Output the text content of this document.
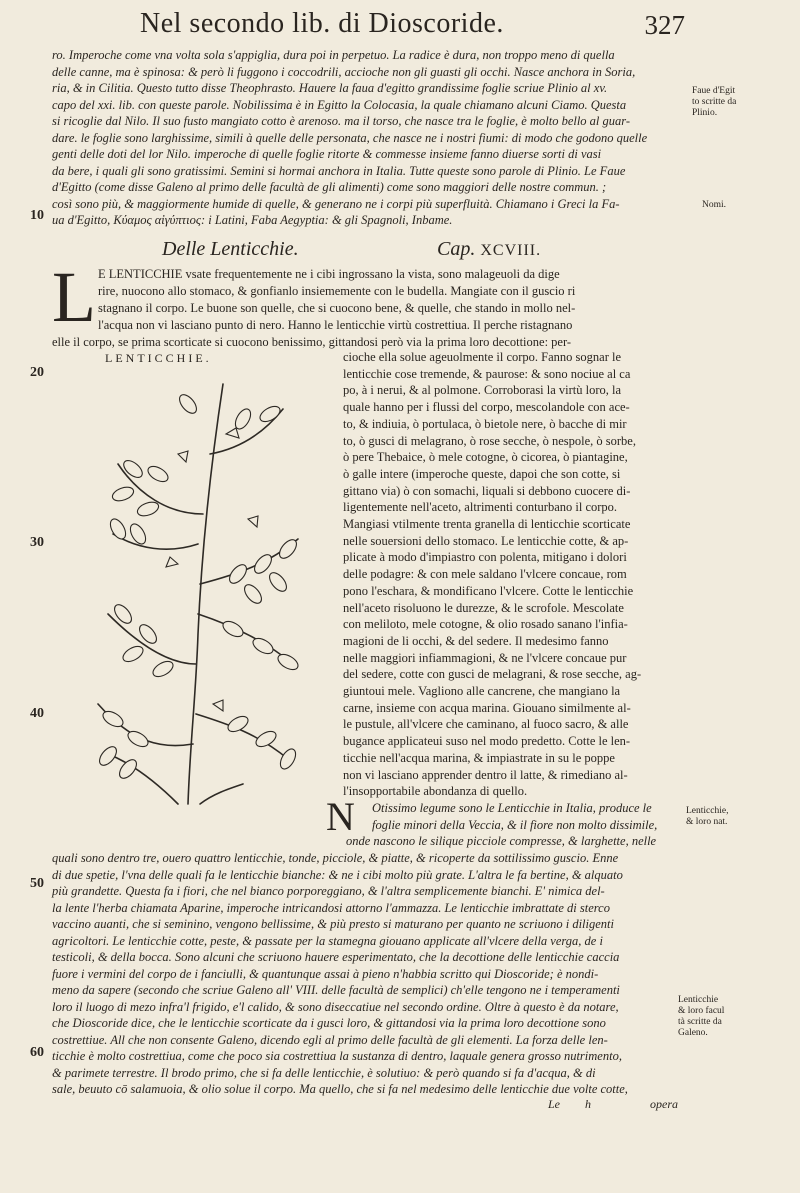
Nel secondo lib. di Dioscoride.	327
ro. Imperoche come vna volta sola s'appiglia, dura poi in perpetuo. La radice è dura, non troppo meno di quella
delle canne, ma è spinosa: & però li fuggono i coccodrili, accioche non gli guasti gli occhi. Nasce anchora in Soria,
ria, & in Cilitia. Questo tutto disse Theophrasto. Hauere la faua d'egitto grandissime foglie scriue Plinio al xv.
capo del xxi. lib. con queste parole. Nobilissima è in Egitto la Colocasia, la quale chiamano alcuni Ciamo. Questa
si ricoglie dal Nilo. Il suo fusto mangiato cotto è arenoso. ma il torso, che nasce tra le foglie, è molto bello al guar-
dare. le foglie sono larghissime, simili à quelle delle personata, che nasce ne i nostri fiumi: di modo che godono quelle
genti delle doti del lor Nilo. imperoche di quelle foglie ritorte & commesse insieme fanno diuerse sorti di vasi
da bere, i quali gli sono gratissimi. Semini si hormai anchora in Italia. Tutte queste sono parole di Plinio. Le Faue
d'Egitto (come disse Galeno al primo delle facultà de gli alimenti) come sono maggiori delle nostre commun. ;
così sono più, & maggiormente humide di quelle, & generano ne i corpi più superfluità. Chiamano i Greci la Fa-
ua d'Egitto, Κύαμος αἰγύπτιος: i Latini, Faba Aegyptia: & gli Spagnoli, Inbame.
Delle Lenticchie.	Cap. XCVIII.
L E LENTICCHIE vsate frequentemente ne i cibi ingrossano la vista, sono malageuoli da dige
rire, nuocono allo stomaco, & gonfianlo insiememente con le budella. Mangiate con il guscio ri
stagnano il corpo. Le buone son quelle, che si cuocono bene, & quelle, che stando in mollo nel-
l'acqua non vi lasciano punto di nero. Hanno le lenticchie virtù costrettiua. Il perche ristagnano
elle il corpo, se prima scorticate si cuocono benissimo, gittandosi però via la prima loro decottione: per-
LENTICCHIE.	cioche ella solue ageuolmente il corpo. Fanno sognar le
lenticchie cose tremende, & paurose: & sono nociue al ca
po, à i nerui, & al polmone. Corroborasi la virtù loro, la
quale hanno per i flussi del corpo, mescolandole con ace-
to, & indiuia, ò portulaca, ò bietole nere, ò bacche di mir
to, ò gusci di melagrano, ò rose secche, ò nespole, ò sorbe,
ò pere Thebaice, ò mele cotogne, ò cicorea, ò piantagine,
ò galle intere (imperoche queste, dapoi che son cotte, si
gittano via) ò con somachi, liquali si debbono cuocere di-
ligentemente nell'aceto, altrimenti conturbano il corpo.
Mangiasi vtilmente trenta granella di lenticchie scorticate
nelle souersioni dello stomaco. Le lenticchie cotte, & ap-
plicate à modo d'impiastro con polenta, mitigano i dolori
delle podagre: & con mele saldano l'vlcere concaue, rom
pono l'eschara, & mondificano l'vlcere. Cotte le lenticchie
nell'aceto risoluono le durezze, & le scrofole. Mescolate
con meliloto, mele cotogne, & olio rosado sanano l'infia-
magioni de li occhi, & del sedere. Il medesimo fanno
nelle maggiori infiammagioni, & ne l'vlcere concaue pur
del sedere, cotte con gusci de melagrani, & rose secche, ag-
giuntoui mele. Vagliono alle cancrene, che mangiano la
carne, insieme con acqua marina. Giouano similmente al-
le pustule, all'vlcere che caminano, al fuoco sacro, & alle
bugance applicateui suso nel modo predetto. Cotte le len-
ticchie nell'acqua marina, & impiastrate in su le poppe
non vi lasciano apprender dentro il latte, & rimediano al-
l'insopportabile abondanza di quello.
N Otissimo legume sono le Lenticchie in Italia, produce le
foglie minori della Veccia, & il fiore non molto dissimile,
onde nascono le silique picciole compresse, & larghette, nelle
quali sono dentro tre, ouero quattro lenticchie, tonde, picciole, & piatte, & ricoperte da sottilissimo guscio. Enne
di due spetie, l'vna delle quali fa le lenticchie bianche: & ne i cibi molto più grate. L'altra le fa bertine, & alquato
più grandette. Questa fa i fiori, che nel bianco porporeggiano, & l'altra semplicemente bianchi. E' nimica del-
la lente l'herba chiamata Aparine, imperoche intricandosi attorno l'ammazza. Le lenticchie imbrattate di sterco
vaccino auanti, che si seminino, vengono bellissime, & più presto si maturano per quanto ne scriuono i diligenti
agricoltori. Le lenticchie cotte, peste, & passate per la stamegna giouano applicate all'vlcere della verga, de i
testicoli, & della bocca. Sono alcuni che scriuono hauere esperimentato, che la decottione delle lenticchie caccia
fuore i vermini del corpo de i fanciulli, & quantunque assai à pieno n'habbia scritto qui Dioscoride; è nondi-
meno da sapere (secondo che scriue Galeno all' VIII. delle facultà de semplici) ch'elle tengono ne i temperamenti
loro il luogo di mezo infra'l frigido, e'l calido, & sono diseccatiue nel secondo ordine. Oltre à questo è da notare,
che Dioscoride dice, che le lenticchie scorticate da i gusci loro, & gittandosi via la prima loro decottione sono
costrettiue. All che non consente Galeno, dicendo egli al primo delle facultà de gli elementi. La forza delle len-
ticchie è molto costrettiua, come che poco sia costrettiua la sustanza di dentro, laquale genera grosso nutrimento,
& parimete terrestre. Il brodo primo, che si fa delle lenticchie, è solutiuo: & però quando si fa d'acqua, & di
sale, beuuto cō salamuoia, & olio solue il corpo. Ma quello, che si fa nel medesimo delle lenticchie due volte cotte,
Le h	opera
Faue d'Egit
to scritte da
Plinio.
Nomi.
Lenticchie,
& loro nat.
Lenticchie
& loro facul
tà scritte da
Galeno.
10
20
30
40
50
60
